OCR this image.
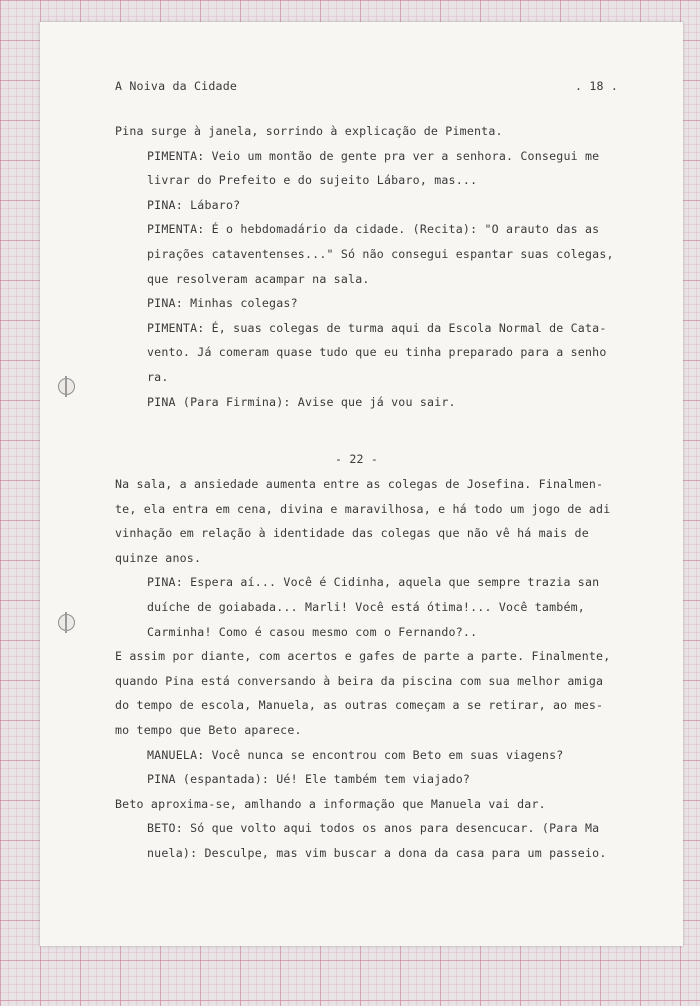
A Noiva da Cidade	. 18 .

Pina surge à janela, sorrindo à explicação de Pimenta.

PIMENTA: Veio um montão de gente pra ver a senhora. Consegui me

livrar do Prefeito e do sujeito Lábaro, mas...

PINA: Lábaro?

PIMENTA: É o hebdomadário da cidade. (Recita): "O arauto das as

pirações cataventenses..." Só não consegui espantar suas colegas,

que resolveram acampar na sala.

PINA: Minhas colegas?

PIMENTA: É, suas colegas de turma aqui da Escola Normal de Cata-

vento. Já comeram quase tudo que eu tinha preparado para a senho

ra.

PINA (Para Firmina): Avise que já vou sair.

- 22 -

Na sala, a ansiedade aumenta entre as colegas de Josefina. Finalmen-

te, ela entra em cena, divina e maravilhosa, e há todo um jogo de adi

vinhação em relação à identidade das colegas que não vê há mais de

quinze anos.

PINA: Espera aí... Você é Cidinha, aquela que sempre trazia san

duíche de goiabada... Marli! Você está ótima!... Você também,

Carminha! Como é casou mesmo com o Fernando?..

E assim por diante, com acertos e gafes de parte a parte. Finalmente,

quando Pina está conversando à beira da piscina com sua melhor amiga

do tempo de escola, Manuela, as outras começam a se retirar, ao mes-

mo tempo que Beto aparece.

MANUELA: Você nunca se encontrou com Beto em suas viagens?

PINA (espantada): Ué! Ele também tem viajado?

Beto aproxima-se, amlhando a informação que Manuela vai dar.

BETO: Só que volto aqui todos os anos para desencucar. (Para Ma

nuela): Desculpe, mas vim buscar a dona da casa para um passeio.
